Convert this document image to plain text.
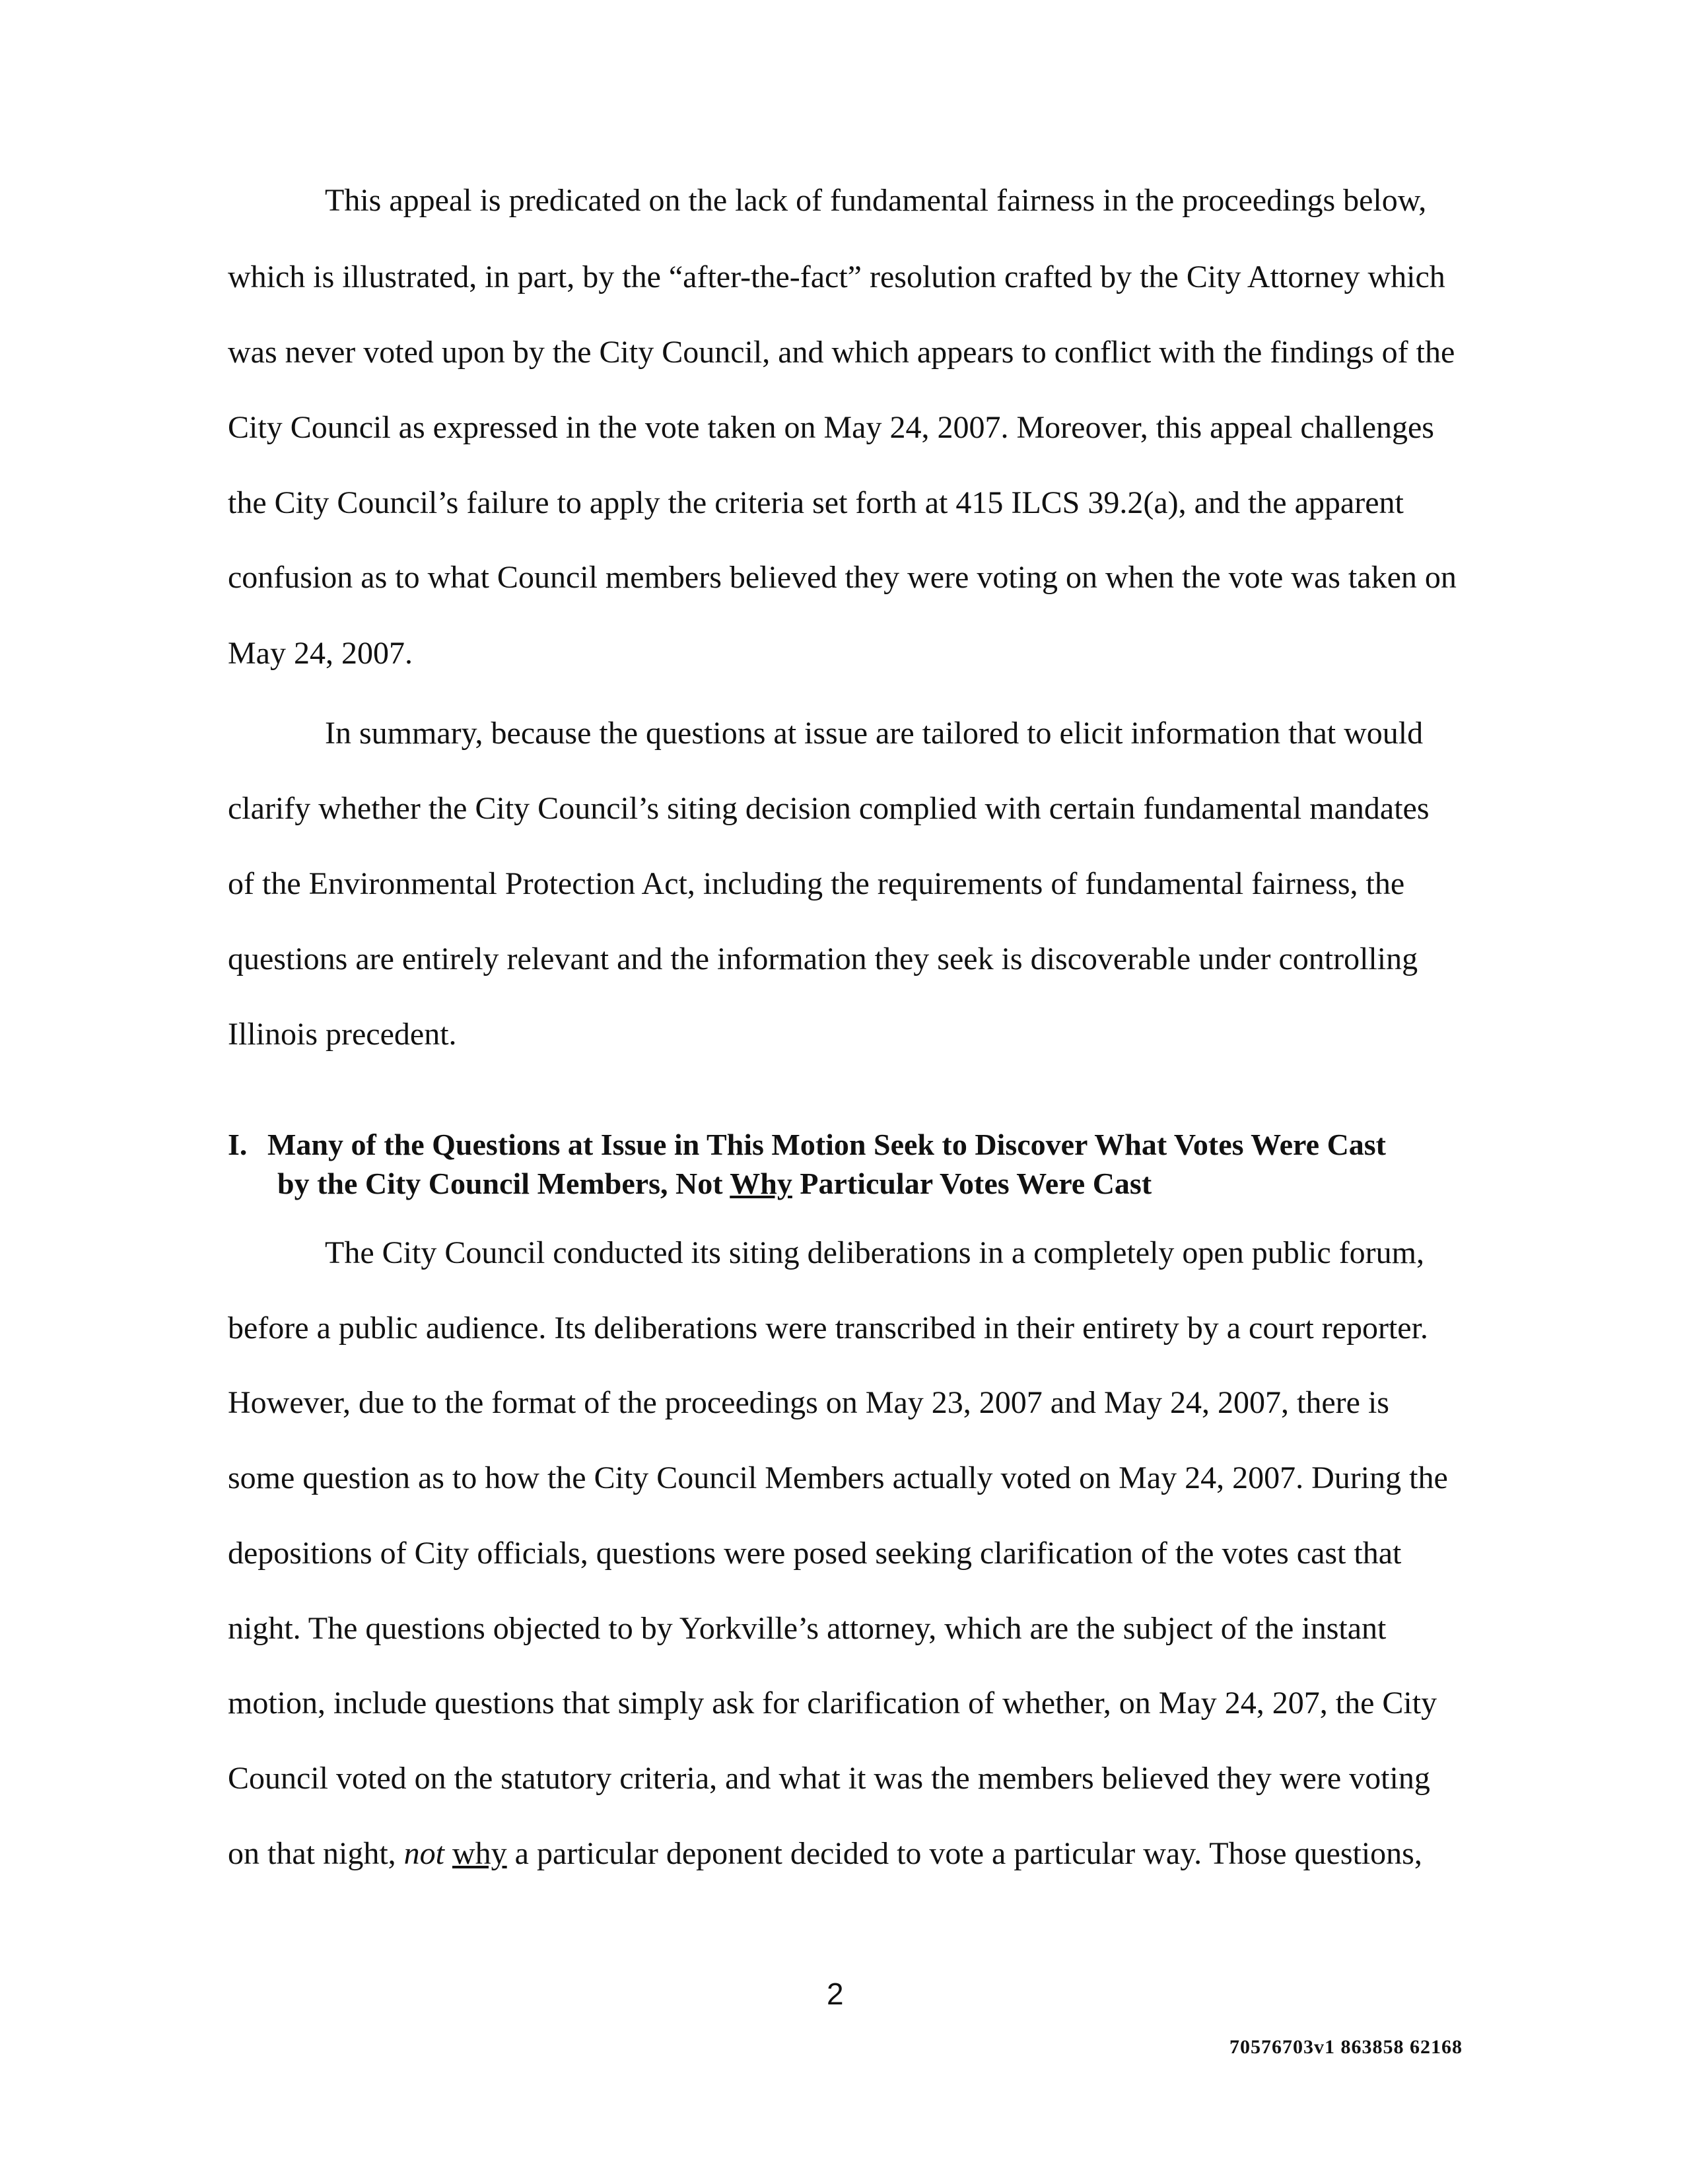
This appeal is predicated on the lack of fundamental fairness in the proceedings below,
which is illustrated, in part, by the “after-the-fact” resolution crafted by the City Attorney which
was never voted upon by the City Council, and which appears to conflict with the findings of the
City Council as expressed in the vote taken on May 24, 2007. Moreover, this appeal challenges
the City Council’s failure to apply the criteria set forth at 415 ILCS 39.2(a), and the apparent
confusion as to what Council members believed they were voting on when the vote was taken on
May 24, 2007.
In summary, because the questions at issue are tailored to elicit information that would
clarify whether the City Council’s siting decision complied with certain fundamental mandates
of the Environmental Protection Act, including the requirements of fundamental fairness, the
questions are entirely relevant and the information they seek is discoverable under controlling
Illinois precedent.
I. Many of the Questions at Issue in This Motion Seek to Discover What Votes Were Cast
by the City Council Members, Not Why Particular Votes Were Cast
The City Council conducted its siting deliberations in a completely open public forum,
before a public audience. Its deliberations were transcribed in their entirety by a court reporter.
However, due to the format of the proceedings on May 23, 2007 and May 24, 2007, there is
some question as to how the City Council Members actually voted on May 24, 2007. During the
depositions of City officials, questions were posed seeking clarification of the votes cast that
night. The questions objected to by Yorkville’s attorney, which are the subject of the instant
motion, include questions that simply ask for clarification of whether, on May 24, 207, the City
Council voted on the statutory criteria, and what it was the members believed they were voting
on that night, not why a particular deponent decided to vote a particular way. Those questions,
2
70576703v1 863858 62168
